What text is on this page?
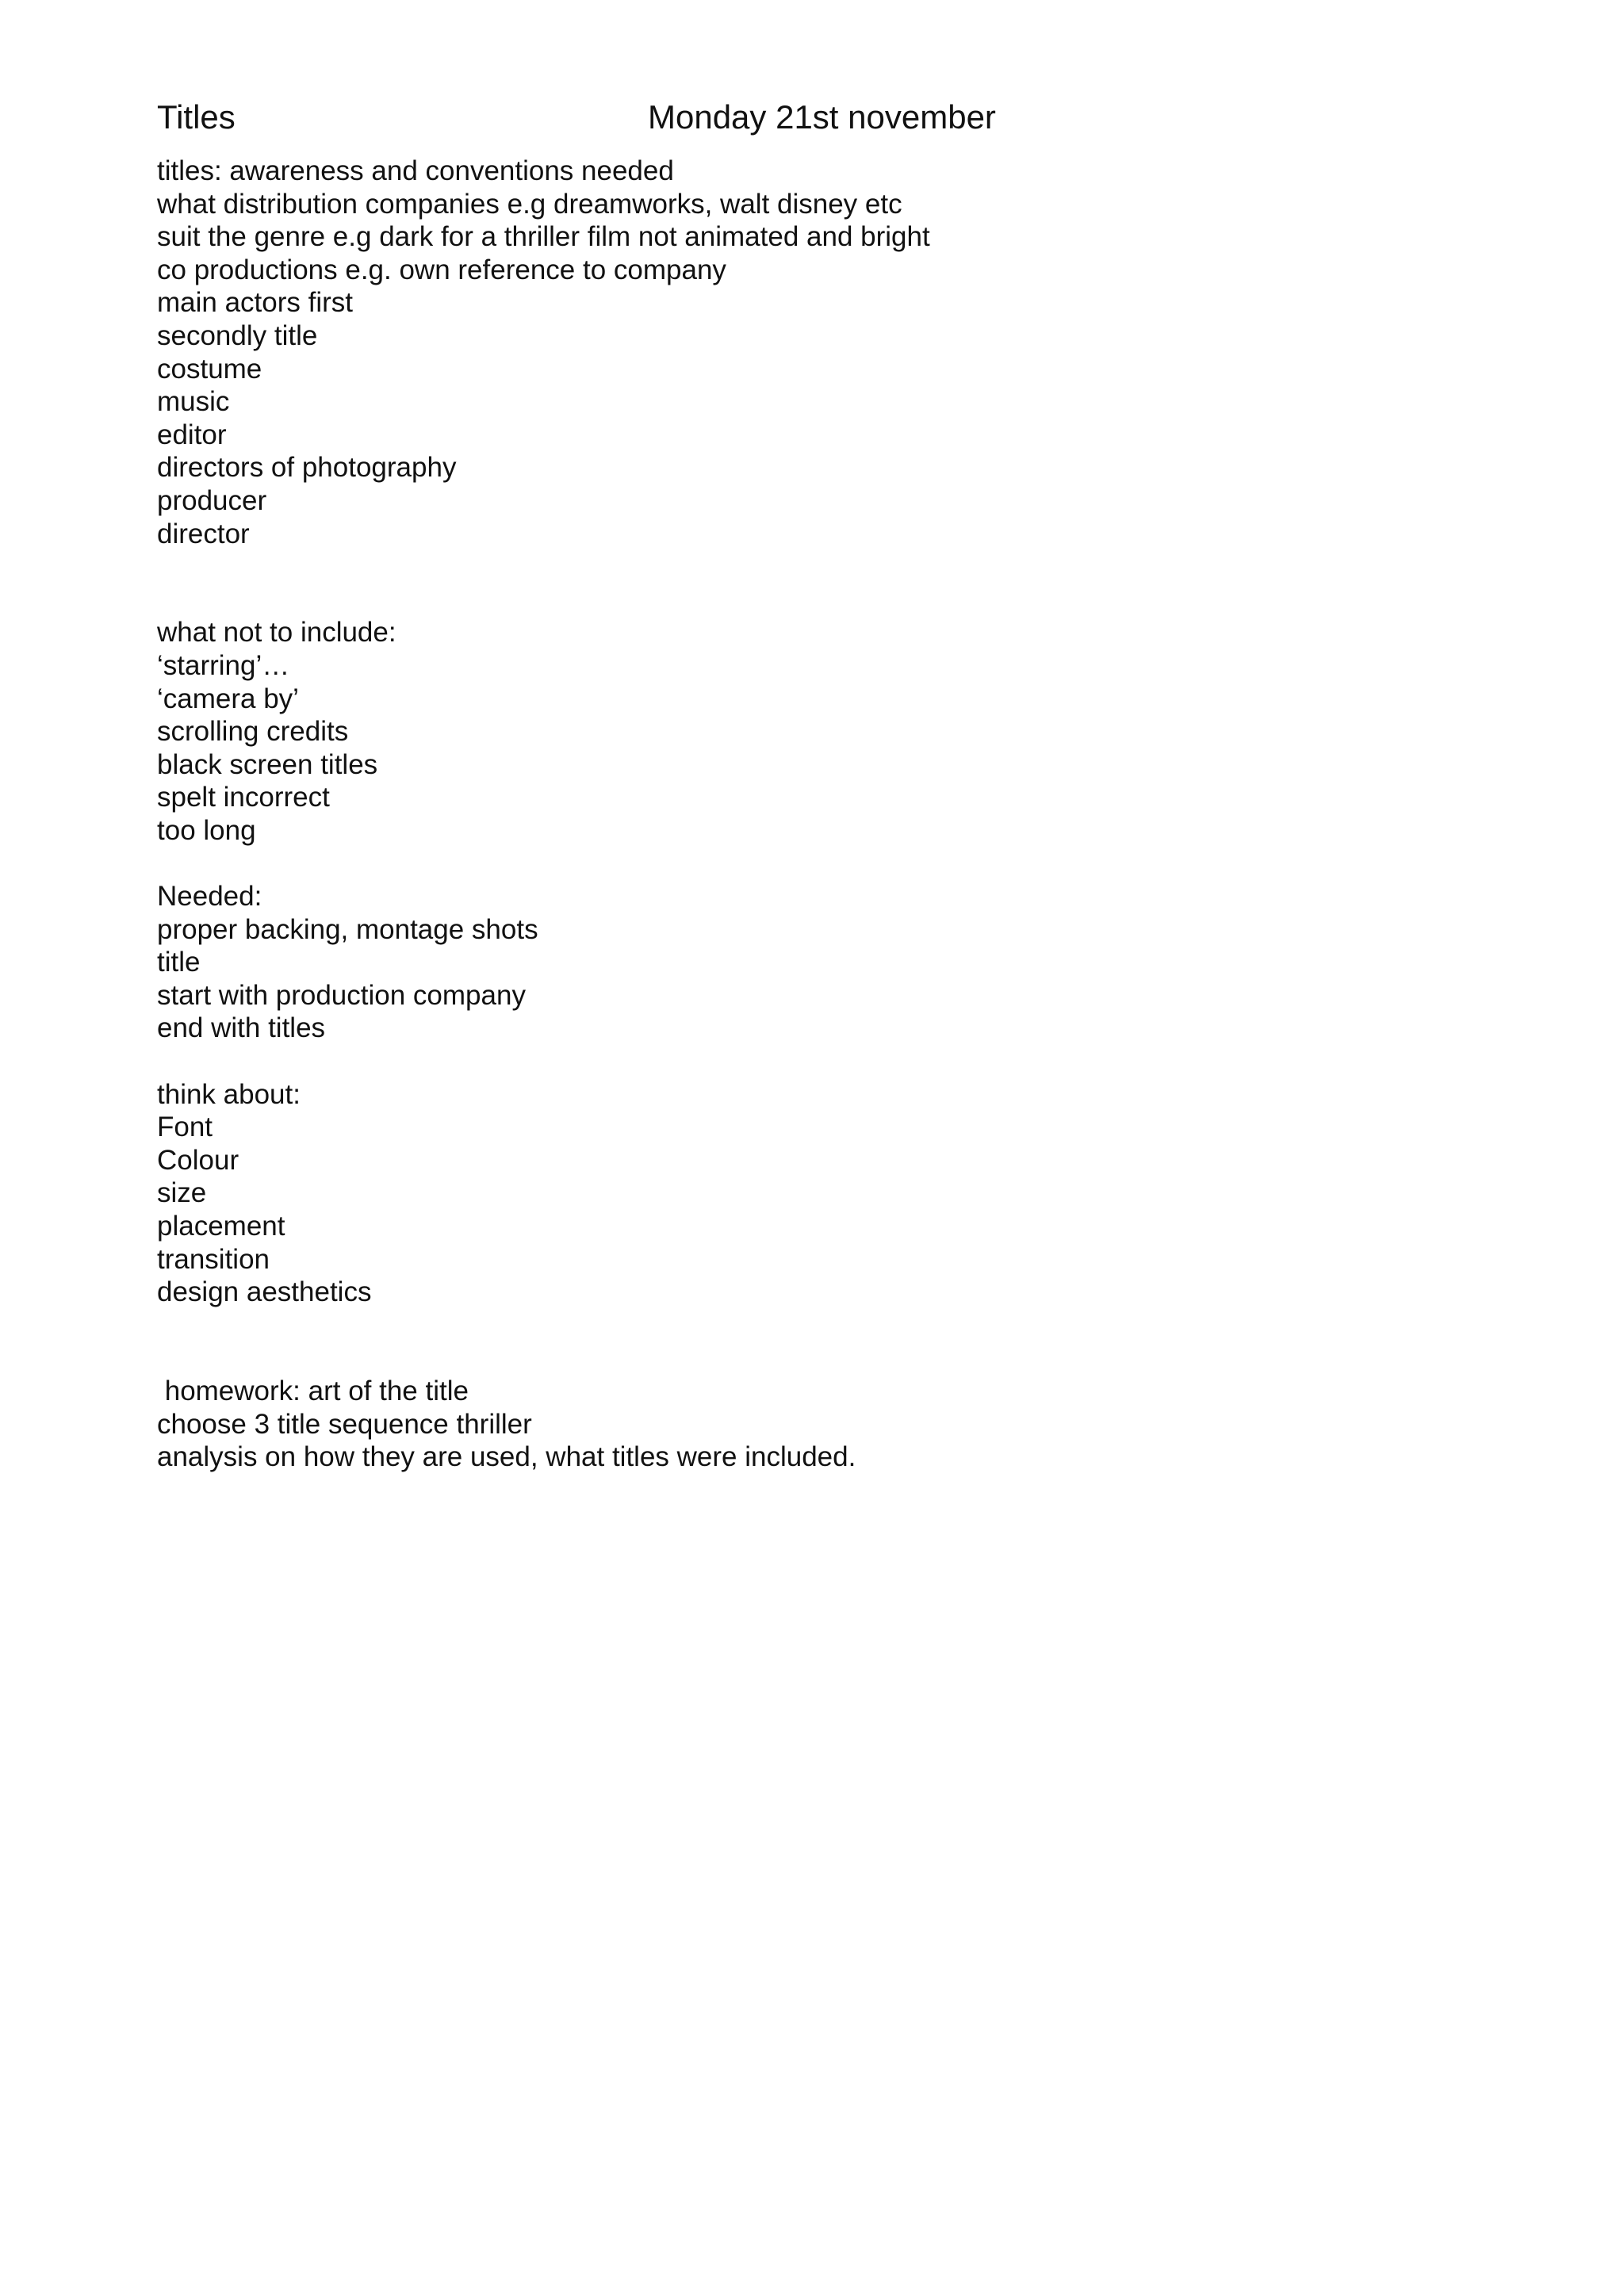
Titles	Monday 21st november
titles: awareness and conventions needed
what distribution companies e.g dreamworks, walt disney etc
suit the genre e.g dark for a thriller film not animated and bright
co productions e.g. own reference to company
main actors first
secondly title
costume
music
editor
directors of photography
producer
director
what not to include:
‘starring’…
‘camera by’
scrolling credits
black screen titles
spelt incorrect
too long
Needed:
proper backing, montage shots
title
start with production company
end with titles
think about:
Font
Colour
size
placement
transition
design aesthetics
homework: art of the title
choose 3 title sequence thriller
analysis on how they are used, what titles were included.
